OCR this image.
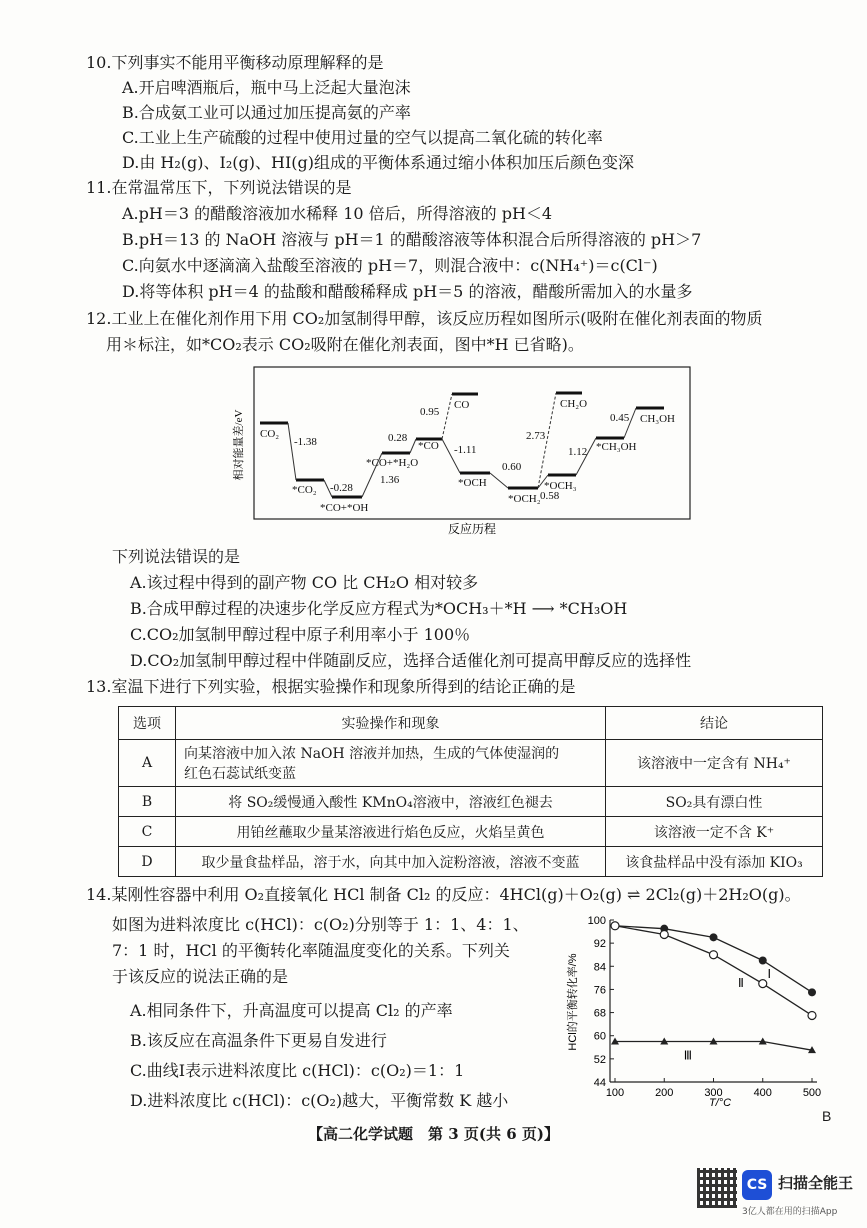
10.下列事实不能用平衡移动原理解释的是
A.开启啤酒瓶后，瓶中马上泛起大量泡沫
B.合成氨工业可以通过加压提高氨的产率
C.工业上生产硫酸的过程中使用过量的空气以提高二氧化硫的转化率
D.由 H₂(g)、I₂(g)、HI(g)组成的平衡体系通过缩小体积加压后颜色变深
11.在常温常压下，下列说法错误的是
A.pH＝3 的醋酸溶液加水稀释 10 倍后，所得溶液的 pH＜4
B.pH＝13 的 NaOH 溶液与 pH＝1 的醋酸溶液等体积混合后所得溶液的 pH＞7
C.向氨水中逐滴滴入盐酸至溶液的 pH＝7，则混合液中：c(NH₄⁺)＝c(Cl⁻)
D.将等体积 pH＝4 的盐酸和醋酸稀释成 pH＝5 的溶液，醋酸所需加入的水量多
12.工业上在催化剂作用下用 CO₂加氢制得甲醇，该反应历程如图所示(吸附在催化剂表面的物质
用＊标注，如*CO₂表示 CO₂吸附在催化剂表面，图中*H 已省略)。
相对能量差/eV
反应历程
CO₂
*CO₂
*CO+*OH
*CO+*H₂O
*CO
CO
*OCH
*OCH₂
CH₂O
*OCH₃
*CH₃OH
CH₃OH
-1.38
-0.28
1.36
0.28
0.95
-1.11
0.60
2.73
0.58
1.12
0.45
下列说法错误的是
A.该过程中得到的副产物 CO 比 CH₂O 相对较多
B.合成甲醇过程的决速步化学反应方程式为*OCH₃＋*H ⟶ *CH₃OH
C.CO₂加氢制甲醇过程中原子利用率小于 100％
D.CO₂加氢制甲醇过程中伴随副反应，选择合适催化剂可提高甲醇反应的选择性
13.室温下进行下列实验，根据实验操作和现象所得到的结论正确的是
选项	实验操作和现象	结论
A	向某溶液中加入浓 NaOH 溶液并加热，生成的气体使湿润的
红色石蕊试纸变蓝	该溶液中一定含有 NH₄⁺
B	将 SO₂缓慢通入酸性 KMnO₄溶液中，溶液红色褪去	SO₂具有漂白性
C	用铂丝蘸取少量某溶液进行焰色反应，火焰呈黄色	该溶液一定不含 K⁺
D	取少量食盐样品，溶于水，向其中加入淀粉溶液，溶液不变蓝	该食盐样品中没有添加 KIO₃
14.某刚性容器中利用 O₂直接氧化 HCl 制备 Cl₂ 的反应：4HCl(g)＋O₂(g) ⇌ 2Cl₂(g)＋2H₂O(g)。
如图为进料浓度比 c(HCl)：c(O₂)分别等于 1：1、4：1、
7：1 时，HCl 的平衡转化率随温度变化的关系。下列关
于该反应的说法正确的是
A.相同条件下，升高温度可以提高 Cl₂ 的产率
B.该反应在高温条件下更易自发进行
C.曲线Ⅰ表示进料浓度比 c(HCl)：c(O₂)＝1：1
D.进料浓度比 c(HCl)：c(O₂)越大，平衡常数 K 越小
HCl的平衡转化率/%
T/°C
44
52
60
68
76
84
92
100
100	200	300	400	500
Ⅰ
Ⅱ
Ⅲ
B
【高二化学试题　第 3 页(共 6 页)】
CS 扫描全能王
3亿人都在用的扫描App
